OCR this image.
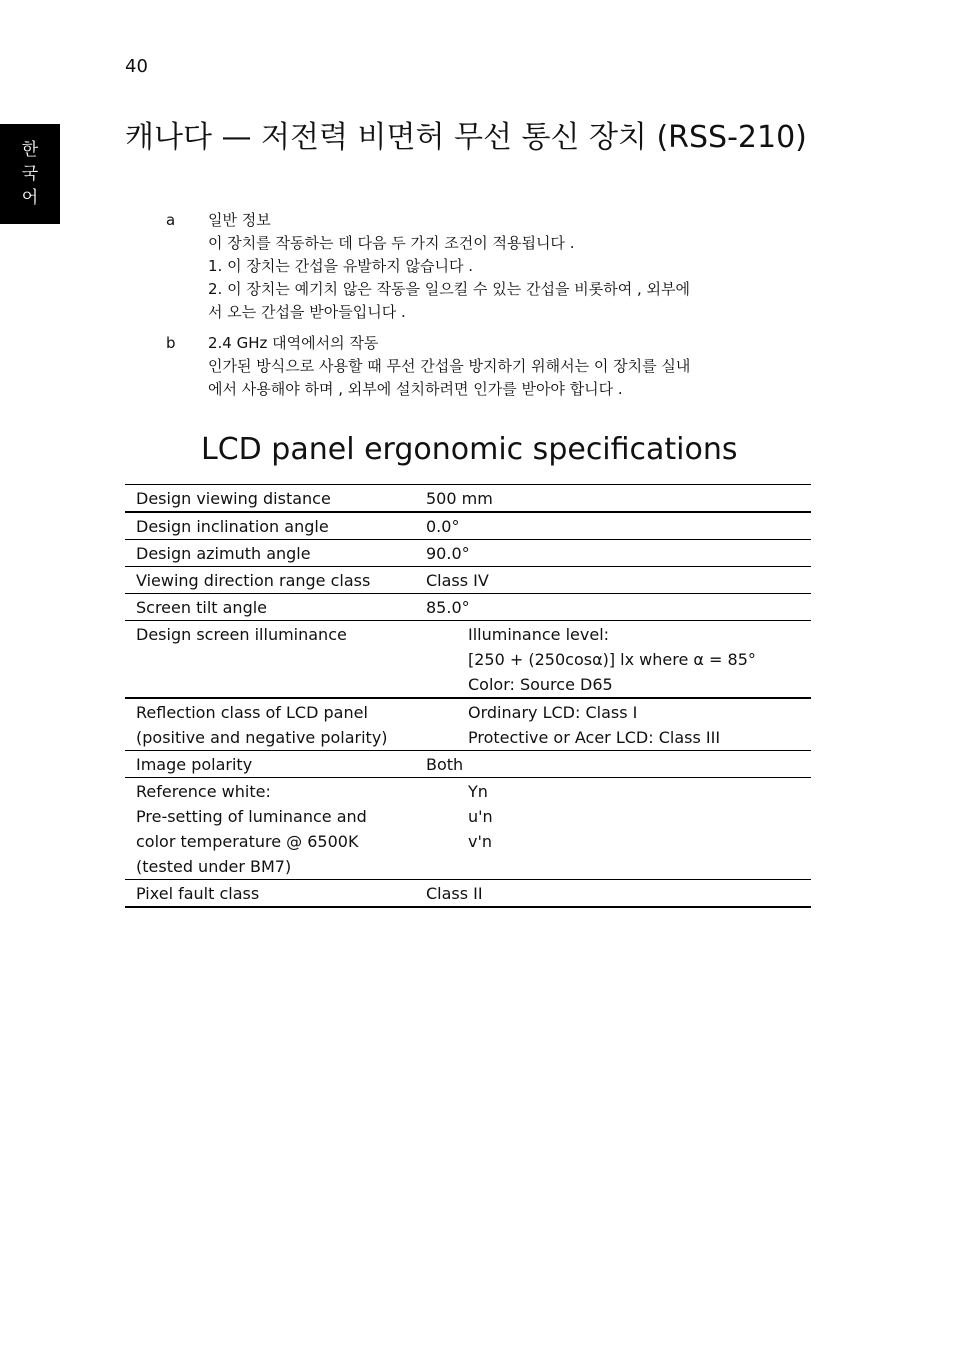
40
한
국
어
캐나다 — 저전력 비면허 무선 통신 장치 (RSS-210)
a	일반 정보
이 장치를 작동하는 데 다음 두 가지 조건이 적용됩니다 .
1. 이 장치는 간섭을 유발하지 않습니다 .
2. 이 장치는 예기치 않은 작동을 일으킬 수 있는 간섭을 비롯하여 , 외부에
서 오는 간섭을 받아들입니다 .
b	2.4 GHz 대역에서의 작동
인가된 방식으로 사용할 때 무선 간섭을 방지하기 위해서는 이 장치를 실내
에서 사용해야 하며 , 외부에 설치하려면 인가를 받아야 합니다 .
LCD panel ergonomic specifications
Design viewing distance	500 mm

Design inclination angle	0.0°

Design azimuth angle	90.0°

Viewing direction range class	Class IV

Screen tilt angle	85.0°

Design screen illuminance	Illuminance level:
[250 + (250cosα)] lx where α = 85°
Color: Source D65

Reflection class of LCD panel
(positive and negative polarity)	Ordinary LCD: Class I
Protective or Acer LCD: Class III

Image polarity	Both

Reference white:
Pre-setting of luminance and
color temperature @ 6500K
(tested under BM7)	Yn
u'n
v'n

Pixel fault class	Class II
